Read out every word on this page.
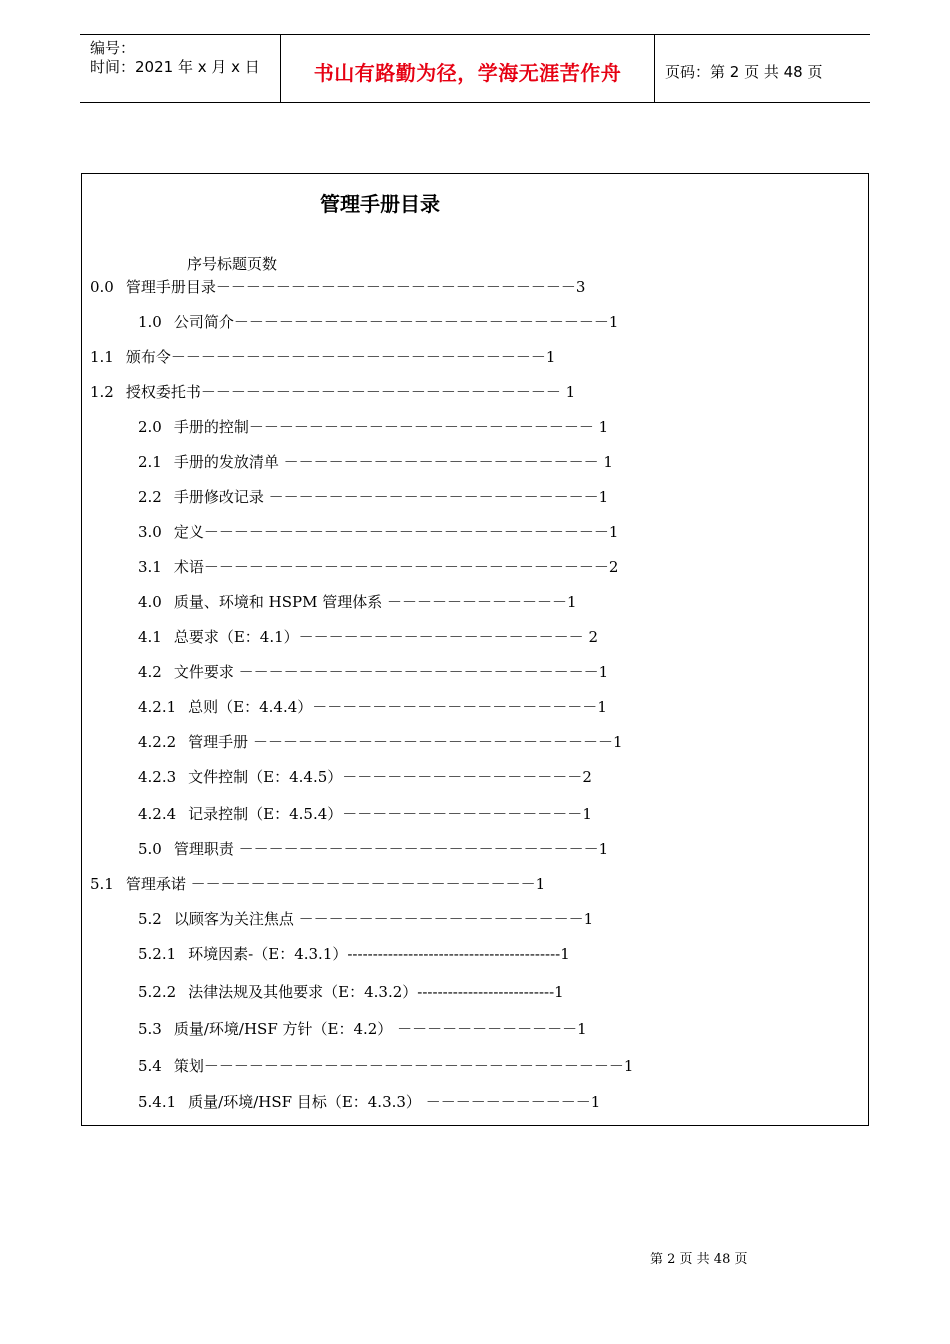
编号：
时间：2021 年 x 月 x 日	书山有路勤为径，学海无涯苦作舟	页码：第 2 页 共 48 页
管理手册目录
序号标题页数
0.0 管理手册目录－－－－－－－－－－－－－－－－－－－－－－－－3
1.0 公司简介－－－－－－－－－－－－－－－－－－－－－－－－－1
1.1 颁布令－－－－－－－－－－－－－－－－－－－－－－－－－1
1.2 授权委托书－－－－－－－－－－－－－－－－－－－－－－－－ 1
2.0 手册的控制－－－－－－－－－－－－－－－－－－－－－－－ 1
2.1 手册的发放清单 －－－－－－－－－－－－－－－－－－－－－ 1
2.2 手册修改记录 －－－－－－－－－－－－－－－－－－－－－－1
3.0 定义－－－－－－－－－－－－－－－－－－－－－－－－－－－1
3.1 术语－－－－－－－－－－－－－－－－－－－－－－－－－－－2
4.0 质量、环境和 HSPM 管理体系 －－－－－－－－－－－－1
4.1 总要求（E：4.1）－－－－－－－－－－－－－－－－－－－ 2
4.2 文件要求 －－－－－－－－－－－－－－－－－－－－－－－－1
4.2.1 总则（E：4.4.4）－－－－－－－－－－－－－－－－－－－1
4.2.2 管理手册 －－－－－－－－－－－－－－－－－－－－－－－－1
4.2.3 文件控制（E：4.4.5）－－－－－－－－－－－－－－－－2
4.2.4 记录控制（E：4.5.4）－－－－－－－－－－－－－－－－1
5.0 管理职责 －－－－－－－－－－－－－－－－－－－－－－－－1
5.1 管理承诺 －－－－－－－－－－－－－－－－－－－－－－－1
5.2 以顾客为关注焦点 －－－－－－－－－－－－－－－－－－－1
5.2.1 环境因素-（E：4.3.1）------------------------------------------1
5.2.2 法律法规及其他要求（E：4.3.2）---------------------------1
5.3 质量/环境/HSF 方针（E：4.2） －－－－－－－－－－－－1
5.4 策划－－－－－－－－－－－－－－－－－－－－－－－－－－－－1
5.4.1 质量/环境/HSF 目标（E：4.3.3） －－－－－－－－－－－1
第 2 页 共 48 页
